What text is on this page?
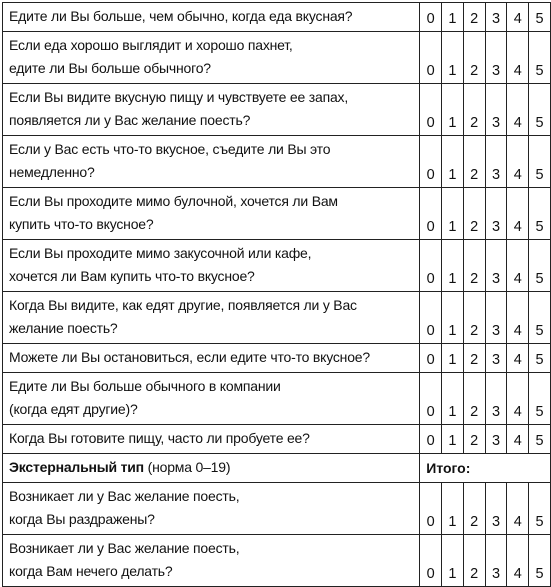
Едите ли Вы больше, чем обычно, когда еда вкусная?	0	1	2	3	4	5

Если еда хорошо выглядит и хорошо пахнет,
едите ли Вы больше обычного?	0	1	2	3	4	5

Если Вы видите вкусную пищу и чувствуете ее запах,
появляется ли у Вас желание поесть?	0	1	2	3	4	5

Если у Вас есть что-то вкусное, съедите ли Вы это
немедленно?	0	1	2	3	4	5

Если Вы проходите мимо булочной, хочется ли Вам
купить что-то вкусное?	0	1	2	3	4	5

Если Вы проходите мимо закусочной или кафе,
хочется ли Вам купить что-то вкусное?	0	1	2	3	4	5

Когда Вы видите, как едят другие, появляется ли у Вас
желание поесть?	0	1	2	3	4	5

Можете ли Вы остановиться, если едите что-то вкусное?	0	1	2	3	4	5

Едите ли Вы больше обычного в компании
(когда едят другие)?	0	1	2	3	4	5

Когда Вы готовите пищу, часто ли пробуете ее?	0	1	2	3	4	5
Экстернальный тип (норма 0–19)	Итого:					

Возникает ли у Вас желание поесть,
когда Вы раздражены?	0	1	2	3	4	5

Возникает ли у Вас желание поесть,
когда Вам нечего делать?	0	1	2	3	4	5
